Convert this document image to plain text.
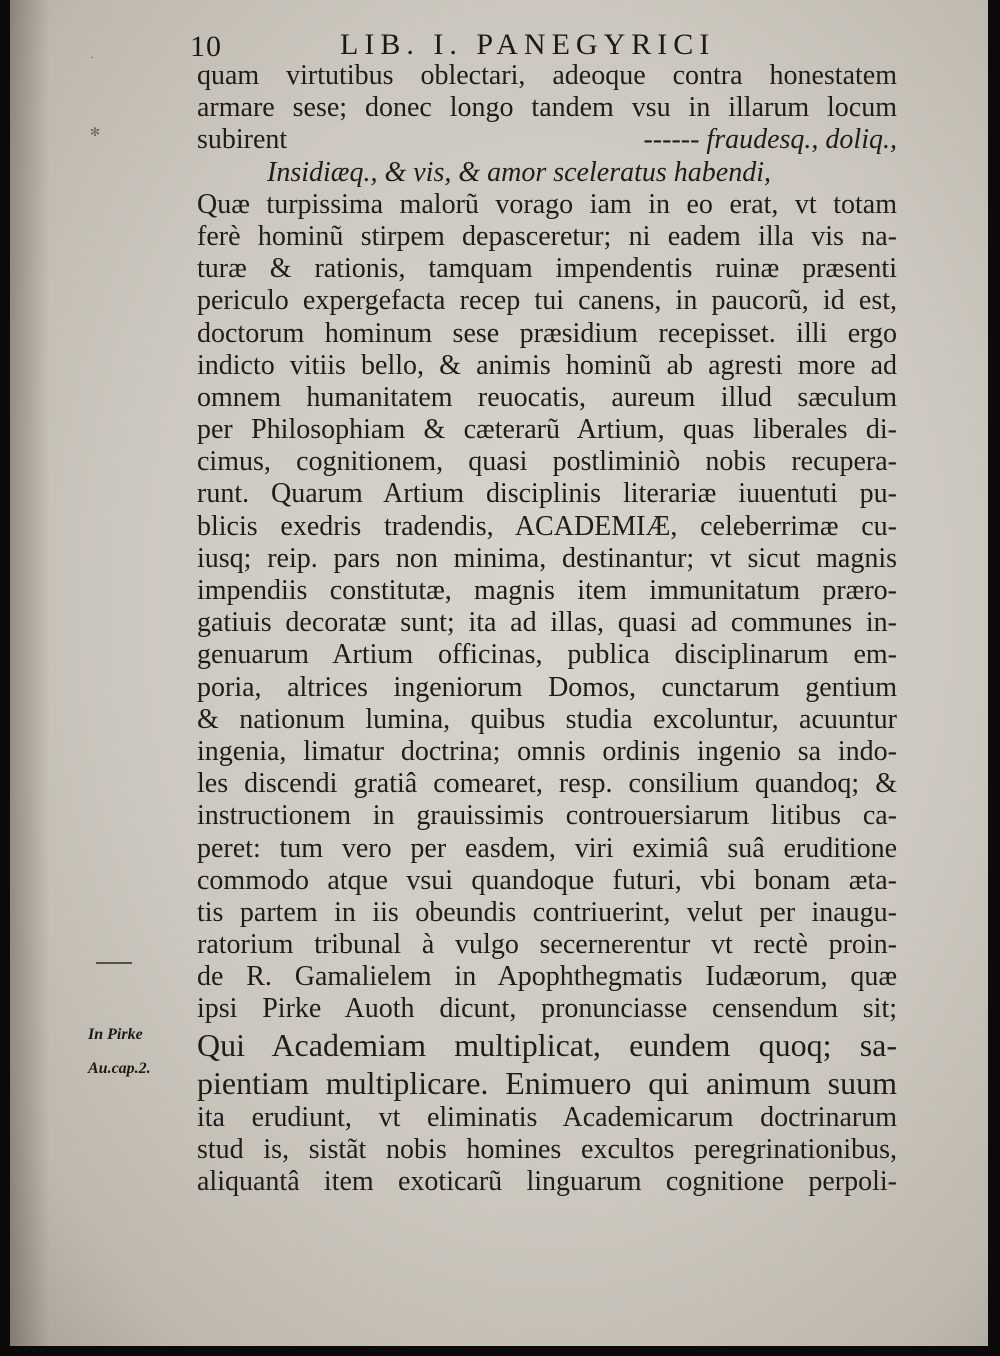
10	LIB. I. PANEGYRICI
quam virtutibus oblectari, adeoque contra honestatem
armare sese; donec longo tandem vsu in illarum locum
subirent	------ fraudesq., doliq.,
Insidiæq., & vis, & amor sceleratus habendi,
Quæ turpissima malorũ vorago iam in eo erat, vt totam
ferè hominũ stirpem depasceretur; ni eadem illa vis na-
turæ & rationis, tamquam impendentis ruinæ præsenti
periculo expergefacta recep tui canens, in paucorũ, id est,
doctorum hominum sese præsidium recepisset. illi ergo
indicto vitiis bello, & animis hominũ ab agresti more ad
omnem humanitatem reuocatis, aureum illud sæculum
per Philosophiam & cæterarũ Artium, quas liberales di-
cimus, cognitionem, quasi postliminiò nobis recupera-
runt. Quarum Artium disciplinis literariæ iuuentuti pu-
blicis exedris tradendis, ACADEMIÆ, celeberrimæ cu-
iusq; reip. pars non minima, destinantur; vt sicut magnis
impendiis constitutæ, magnis item immunitatum præro-
gatiuis decoratæ sunt; ita ad illas, quasi ad communes in-
genuarum Artium officinas, publica disciplinarum em-
poria, altrices ingeniorum Domos, cunctarum gentium
& nationum lumina, quibus studia excoluntur, acuuntur
ingenia, limatur doctrina; omnis ordinis ingenio sa indo-
les discendi gratiâ comearet, resp. consilium quandoq; &
instructionem in grauissimis controuersiarum litibus ca-
peret: tum vero per easdem, viri eximiâ suâ eruditione
commodo atque vsui quandoque futuri, vbi bonam æta-
tis partem in iis obeundis contriuerint, velut per inaugu-
ratorium tribunal à vulgo secernerentur vt rectè proin-
de R. Gamalielem in Apophthegmatis Iudæorum, quæ
ipsi Pirke Auoth dicunt, pronunciasse censendum sit;
Qui Academiam multiplicat, eundem quoq; sa-
pientiam multiplicare. Enimuero qui animum suum
ita erudiunt, vt eliminatis Academicarum doctrinarum
stud is, sistãt nobis homines excultos peregrinationibus,
aliquantâ item exoticarũ linguarum cognitione perpoli-
In Pirke
Au.cap.2.
✻
·
